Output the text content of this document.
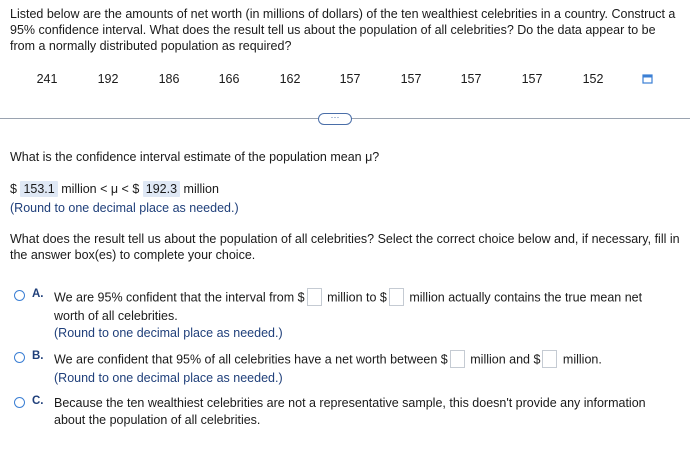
Listed below are the amounts of net worth (in millions of dollars) of the ten wealthiest celebrities in a country. Construct a 95% confidence interval. What does the result tell us about the population of all celebrities? Do the data appear to be from a normally distributed population as required?
241	192	186	166	162	157	157	157	157	152
···
What is the confidence interval estimate of the population mean μ?
$ 153.1 million < μ < $ 192.3 million
(Round to one decimal place as needed.)
What does the result tell us about the population of all celebrities? Select the correct choice below and, if necessary, fill in the answer box(es) to complete your choice.
A. We are 95% confident that the interval from $ million to $ million actually contains the true mean net
worth of all celebrities.
(Round to one decimal place as needed.)
B. We are confident that 95% of all celebrities have a net worth between $ million and $ million.
(Round to one decimal place as needed.)
C. Because the ten wealthiest celebrities are not a representative sample, this doesn't provide any information
about the population of all celebrities.
